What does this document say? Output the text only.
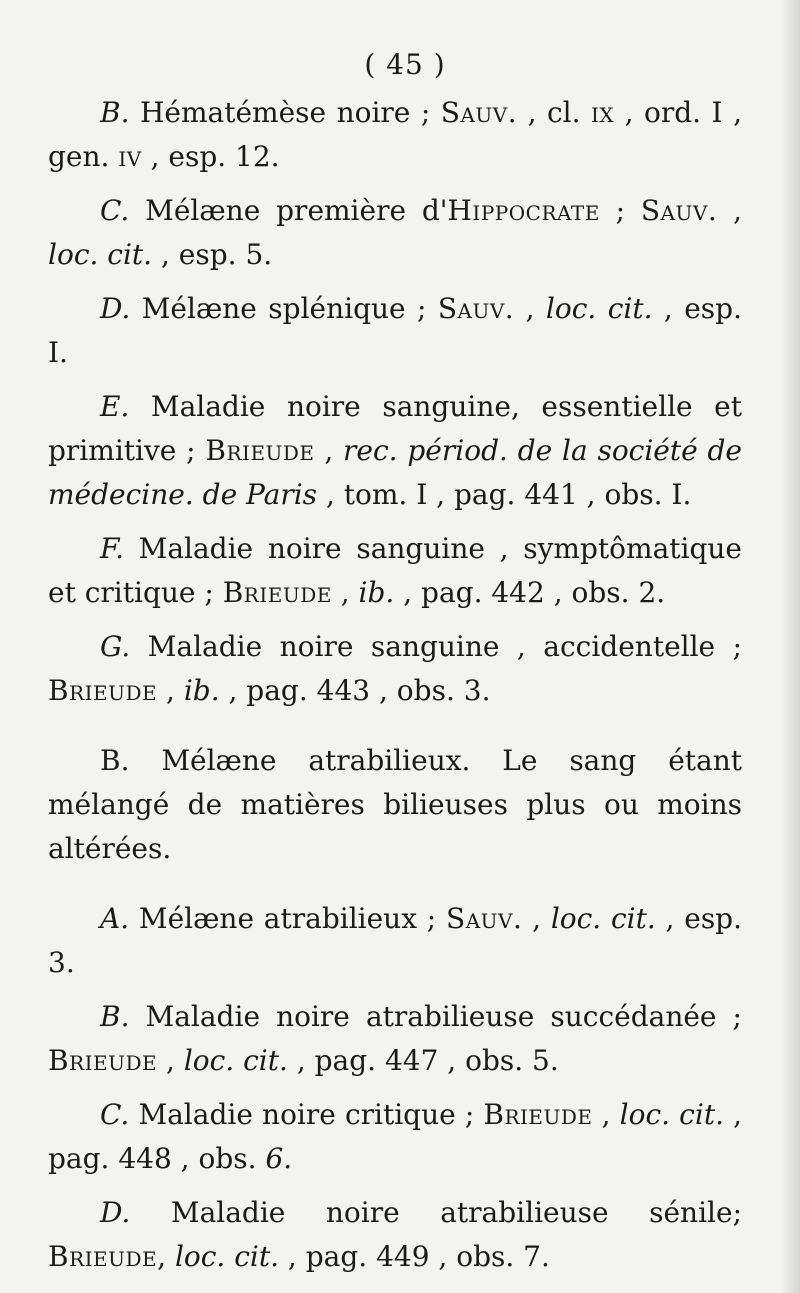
( 45 )

B. Hématémèse noire ; Sauv. , cl. ix , ord. I , gen. iv , esp. 12.

C. Mélæne première d'Hippocrate ; Sauv. , loc. cit. , esp. 5.

D. Mélæne splénique ; Sauv. , loc. cit. , esp. I.

E. Maladie noire sanguine, essentielle et primitive ; Brieude , rec. périod. de la société de médecine. de Paris , tom. I , pag. 441 , obs. I.

F. Maladie noire sanguine , symptômatique et critique ; Brieude , ib. , pag. 442 , obs. 2.

G. Maladie noire sanguine , accidentelle ; Brieude , ib. , pag. 443 , obs. 3.

B. Mélæne atrabilieux. Le sang étant mélangé de matières bilieuses plus ou moins altérées.

A. Mélæne atrabilieux ; Sauv. , loc. cit. , esp. 3.

B. Maladie noire atrabilieuse succédanée ; Brieude , loc. cit. , pag. 447 , obs. 5.

C. Maladie noire critique ; Brieude , loc. cit. , pag. 448 , obs. 6.

D. Maladie noire atrabilieuse sénile; Brieude, loc. cit. , pag. 449 , obs. 7.
